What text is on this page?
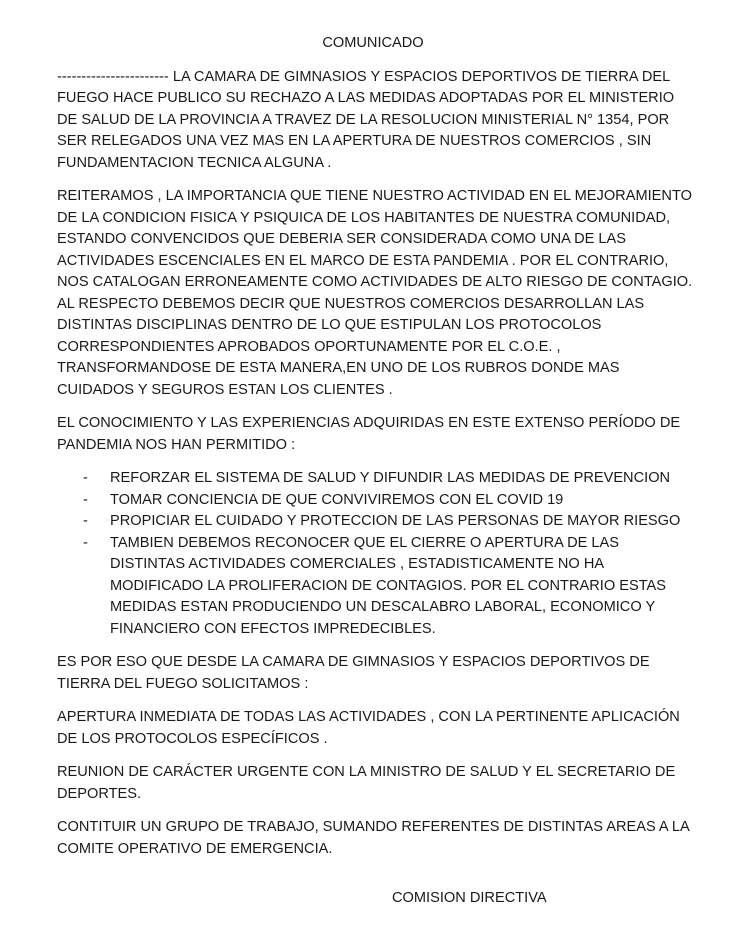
COMUNICADO

----------------------- LA CAMARA DE GIMNASIOS Y ESPACIOS DEPORTIVOS DE TIERRA DEL FUEGO HACE PUBLICO SU RECHAZO A LAS MEDIDAS ADOPTADAS POR EL MINISTERIO DE SALUD DE LA PROVINCIA A TRAVEZ DE LA RESOLUCION MINISTERIAL N° 1354, POR SER RELEGADOS UNA VEZ MAS EN LA APERTURA DE NUESTROS COMERCIOS , SIN FUNDAMENTACION TECNICA ALGUNA .

REITERAMOS , LA IMPORTANCIA QUE TIENE NUESTRO ACTIVIDAD EN EL MEJORAMIENTO DE LA CONDICION FISICA Y PSIQUICA DE LOS HABITANTES DE NUESTRA COMUNIDAD, ESTANDO CONVENCIDOS QUE DEBERIA SER CONSIDERADA COMO UNA DE LAS ACTIVIDADES ESCENCIALES EN EL MARCO DE ESTA PANDEMIA . POR EL CONTRARIO, NOS CATALOGAN ERRONEAMENTE COMO ACTIVIDADES DE ALTO RIESGO DE CONTAGIO. AL RESPECTO DEBEMOS DECIR QUE NUESTROS COMERCIOS DESARROLLAN LAS DISTINTAS DISCIPLINAS DENTRO DE LO QUE ESTIPULAN LOS PROTOCOLOS CORRESPONDIENTES APROBADOS OPORTUNAMENTE POR EL C.O.E. , TRANSFORMANDOSE DE ESTA MANERA,EN UNO DE LOS RUBROS DONDE MAS CUIDADOS Y SEGUROS ESTAN LOS CLIENTES .

EL CONOCIMIENTO Y LAS EXPERIENCIAS ADQUIRIDAS EN ESTE EXTENSO PERÍODO DE PANDEMIA NOS HAN PERMITIDO :

- REFORZAR EL SISTEMA DE SALUD Y DIFUNDIR LAS MEDIDAS DE PREVENCION
- TOMAR CONCIENCIA DE QUE CONVIVIREMOS CON EL COVID 19
- PROPICIAR EL CUIDADO Y PROTECCION DE LAS PERSONAS DE MAYOR RIESGO
- TAMBIEN DEBEMOS RECONOCER QUE EL CIERRE O APERTURA DE LAS DISTINTAS ACTIVIDADES COMERCIALES , ESTADISTICAMENTE NO HA MODIFICADO LA PROLIFERACION DE CONTAGIOS. POR EL CONTRARIO ESTAS MEDIDAS ESTAN PRODUCIENDO UN DESCALABRO LABORAL, ECONOMICO Y FINANCIERO CON EFECTOS IMPREDECIBLES.

ES POR ESO QUE DESDE LA CAMARA DE GIMNASIOS Y ESPACIOS DEPORTIVOS DE TIERRA DEL FUEGO SOLICITAMOS :

APERTURA INMEDIATA DE TODAS LAS ACTIVIDADES , CON LA PERTINENTE APLICACIÓN DE LOS PROTOCOLOS ESPECÍFICOS .

REUNION DE CARÁCTER URGENTE CON LA MINISTRO DE SALUD Y EL SECRETARIO DE DEPORTES.

CONTITUIR UN GRUPO DE TRABAJO, SUMANDO REFERENTES DE DISTINTAS AREAS A LA COMITE OPERATIVO DE EMERGENCIA.

COMISION DIRECTIVA
